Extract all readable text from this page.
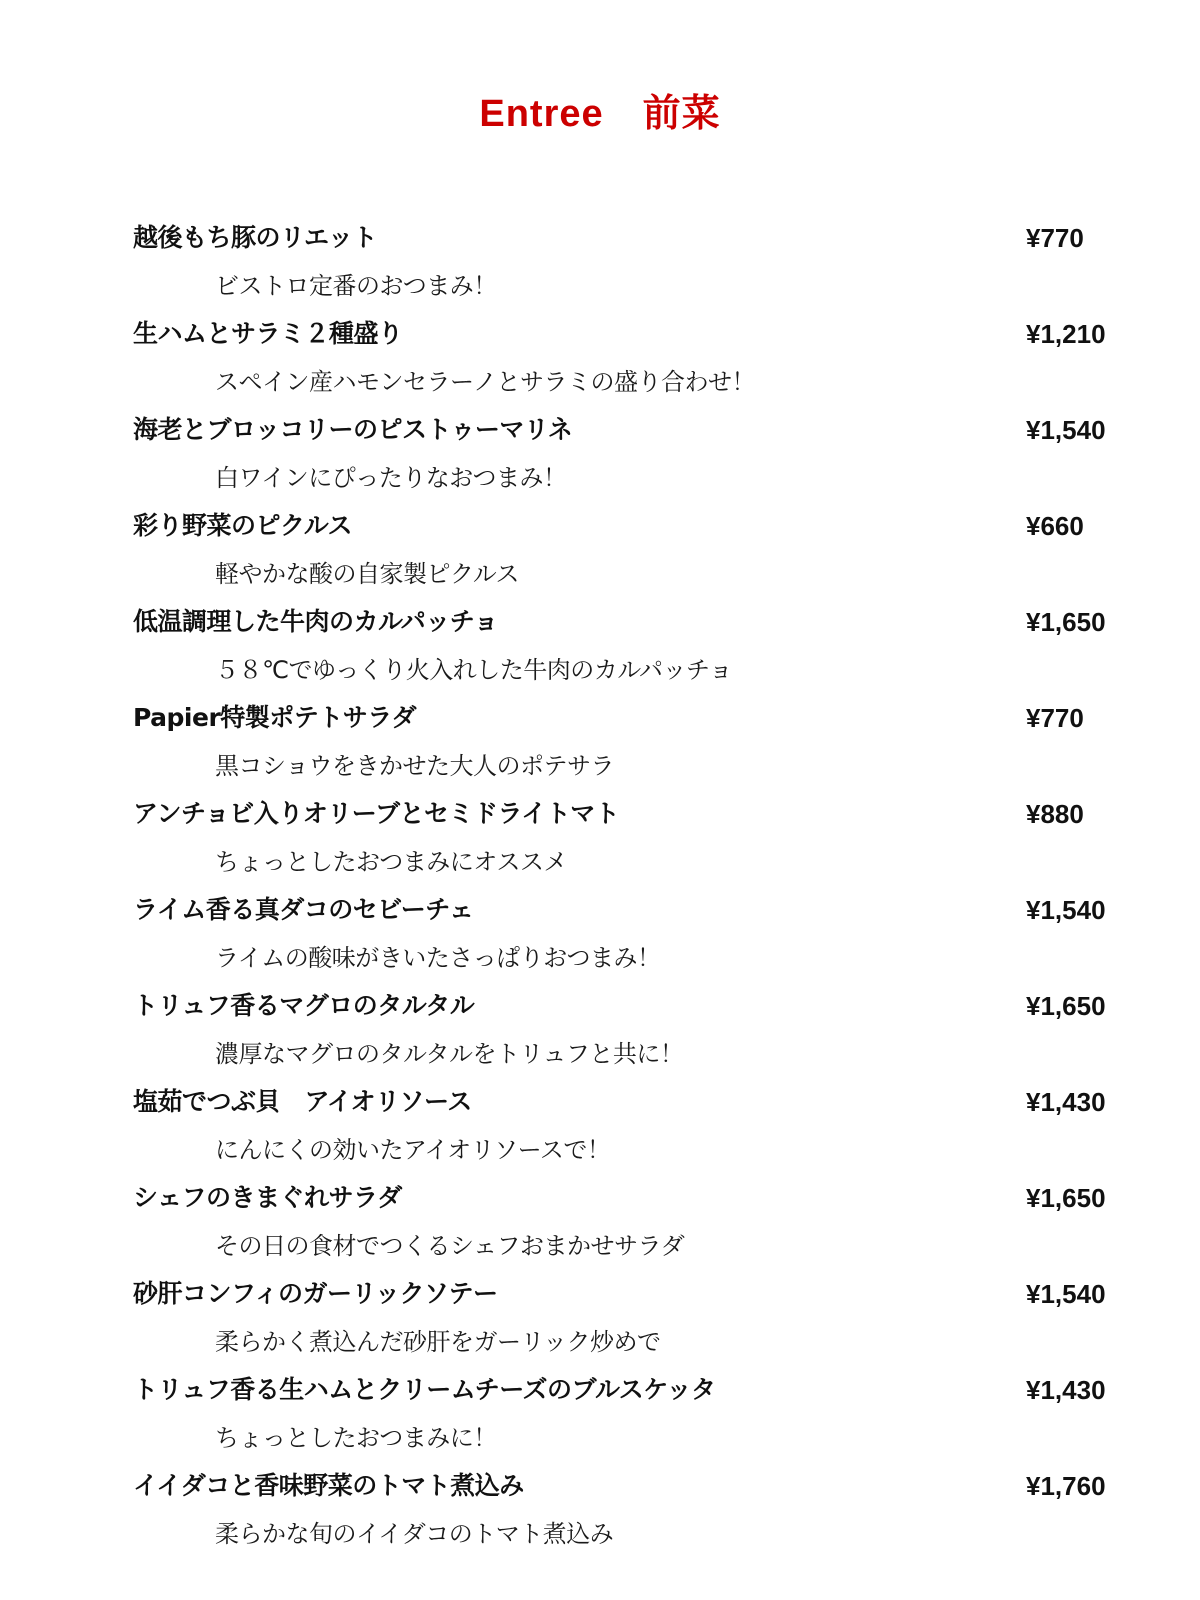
Entree　前菜
越後もち豚のリエット	¥770
ビストロ定番のおつまみ！
生ハムとサラミ２種盛り	¥1,210
スペイン産ハモンセラーノとサラミの盛り合わせ！
海老とブロッコリーのピストゥーマリネ	¥1,540
白ワインにぴったりなおつまみ！
彩り野菜のピクルス	¥660
軽やかな酸の自家製ピクルス
低温調理した牛肉のカルパッチョ	¥1,650
５８℃でゆっくり火入れした牛肉のカルパッチョ
Papier特製ポテトサラダ	¥770
黒コショウをきかせた大人のポテサラ
アンチョビ入りオリーブとセミドライトマト	¥880
ちょっとしたおつまみにオススメ
ライム香る真ダコのセビーチェ	¥1,540
ライムの酸味がきいたさっぱりおつまみ！
トリュフ香るマグロのタルタル	¥1,650
濃厚なマグロのタルタルをトリュフと共に！
塩茹でつぶ貝　アイオリソース	¥1,430
にんにくの効いたアイオリソースで！
シェフのきまぐれサラダ	¥1,650
その日の食材でつくるシェフおまかせサラダ
砂肝コンフィのガーリックソテー	¥1,540
柔らかく煮込んだ砂肝をガーリック炒めで
トリュフ香る生ハムとクリームチーズのブルスケッタ	¥1,430
ちょっとしたおつまみに！
イイダコと香味野菜のトマト煮込み	¥1,760
柔らかな旬のイイダコのトマト煮込み
